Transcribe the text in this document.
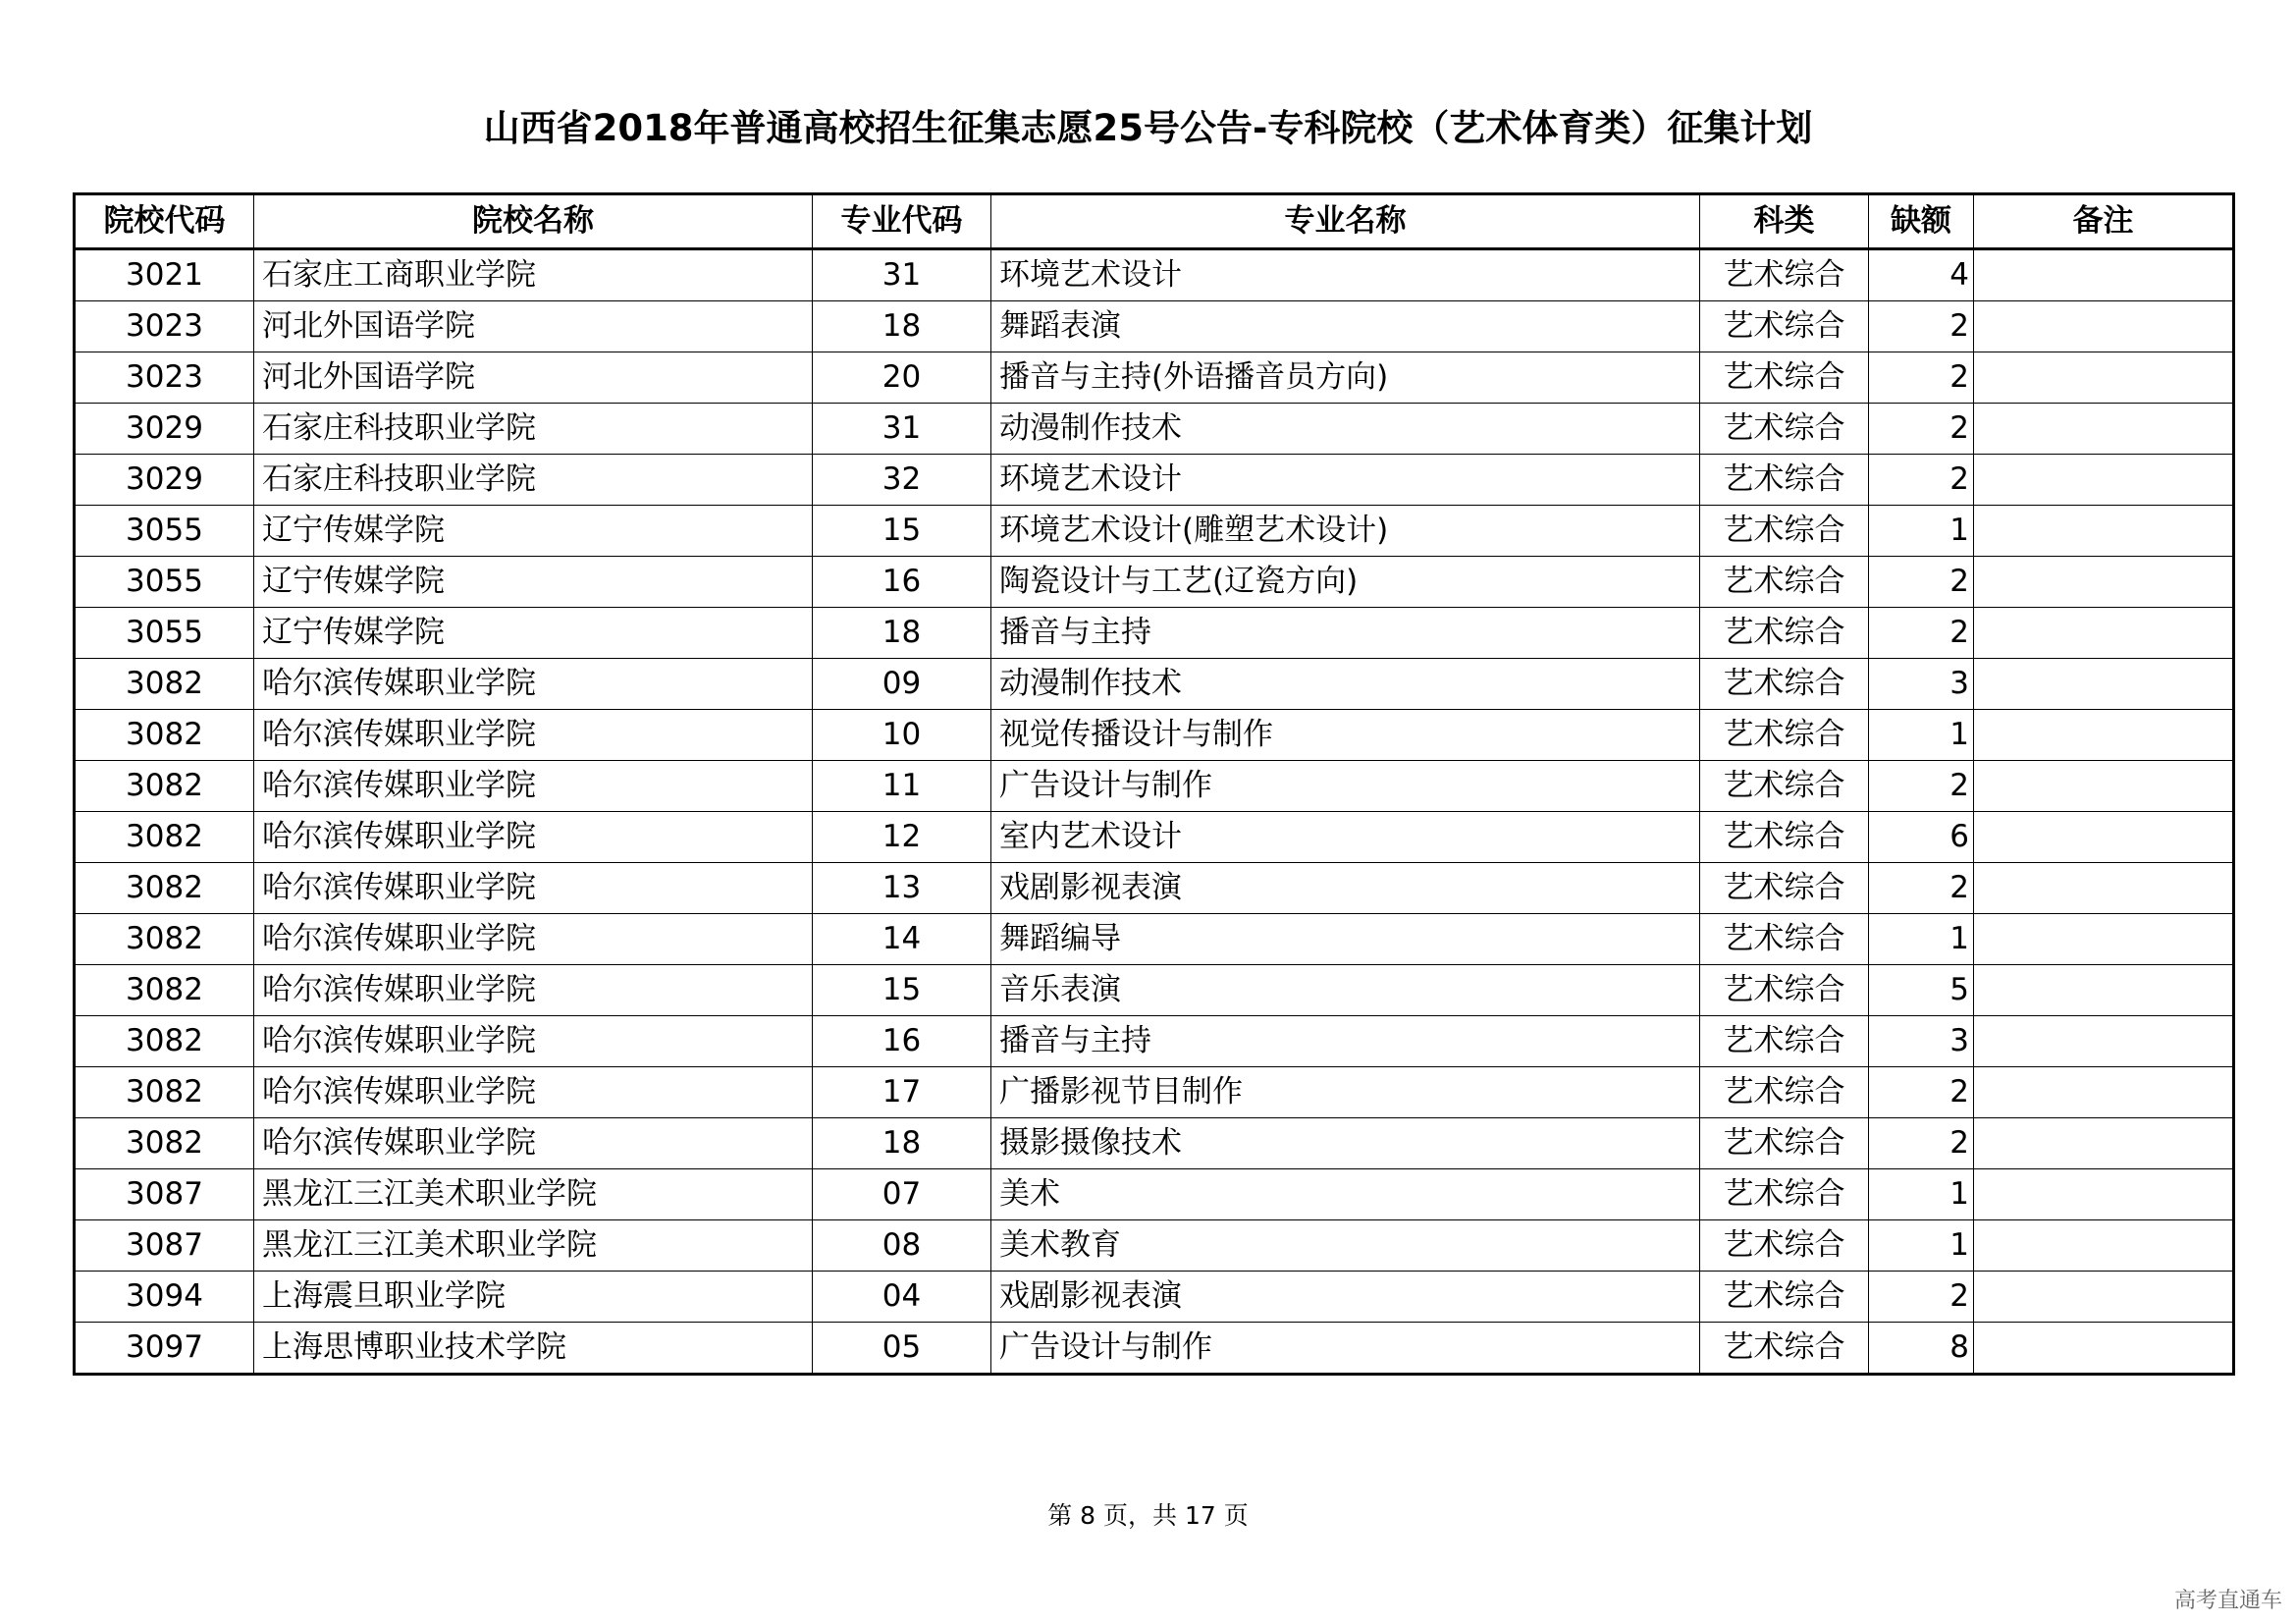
山西省2018年普通高校招生征集志愿25号公告-专科院校（艺术体育类）征集计划
院校代码	院校名称	专业代码	专业名称	科类	缺额	备注
3021	石家庄工商职业学院	31	环境艺术设计	艺术综合	4	
3023	河北外国语学院	18	舞蹈表演	艺术综合	2	
3023	河北外国语学院	20	播音与主持(外语播音员方向)	艺术综合	2	
3029	石家庄科技职业学院	31	动漫制作技术	艺术综合	2	
3029	石家庄科技职业学院	32	环境艺术设计	艺术综合	2	
3055	辽宁传媒学院	15	环境艺术设计(雕塑艺术设计)	艺术综合	1	
3055	辽宁传媒学院	16	陶瓷设计与工艺(辽瓷方向)	艺术综合	2	
3055	辽宁传媒学院	18	播音与主持	艺术综合	2	
3082	哈尔滨传媒职业学院	09	动漫制作技术	艺术综合	3	
3082	哈尔滨传媒职业学院	10	视觉传播设计与制作	艺术综合	1	
3082	哈尔滨传媒职业学院	11	广告设计与制作	艺术综合	2	
3082	哈尔滨传媒职业学院	12	室内艺术设计	艺术综合	6	
3082	哈尔滨传媒职业学院	13	戏剧影视表演	艺术综合	2	
3082	哈尔滨传媒职业学院	14	舞蹈编导	艺术综合	1	
3082	哈尔滨传媒职业学院	15	音乐表演	艺术综合	5	
3082	哈尔滨传媒职业学院	16	播音与主持	艺术综合	3	
3082	哈尔滨传媒职业学院	17	广播影视节目制作	艺术综合	2	
3082	哈尔滨传媒职业学院	18	摄影摄像技术	艺术综合	2	
3087	黑龙江三江美术职业学院	07	美术	艺术综合	1	
3087	黑龙江三江美术职业学院	08	美术教育	艺术综合	1	
3094	上海震旦职业学院	04	戏剧影视表演	艺术综合	2	
3097	上海思博职业技术学院	05	广告设计与制作	艺术综合	8	
第 8 页，共 17 页
高考直通车
